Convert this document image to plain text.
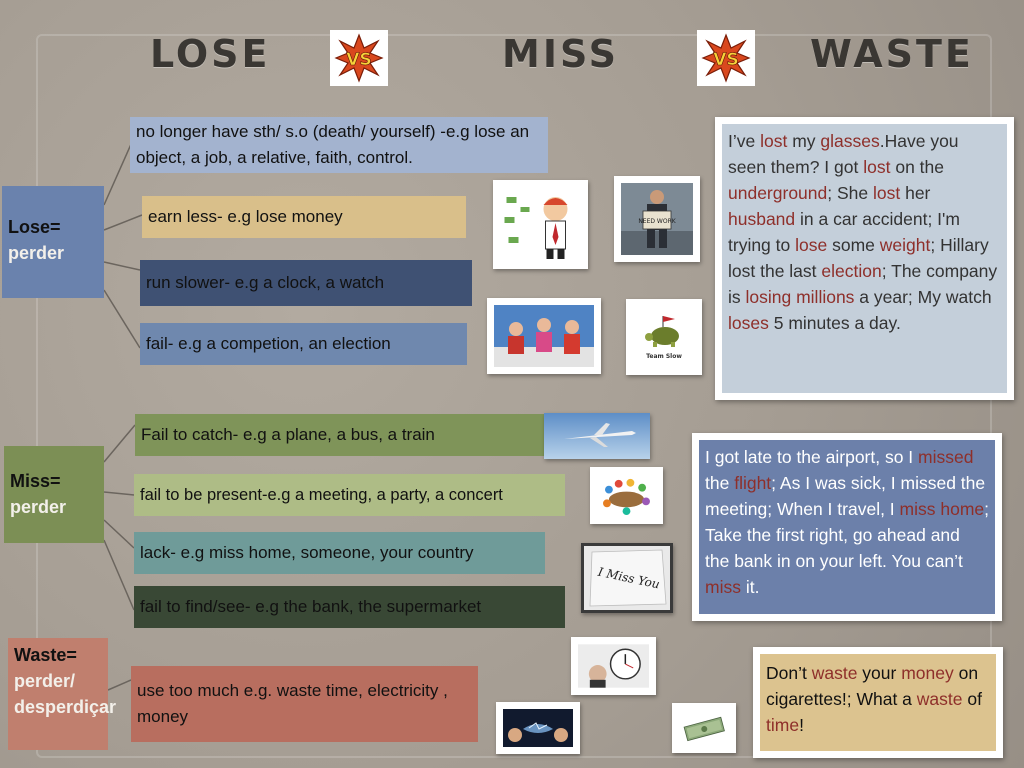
LOSE	VS	MISS	VS WASTE
Lose=
perder
no longer have sth/ s.o (death/ yourself) -e.g lose an object, a job, a relative, faith, control.
earn less- e.g lose money
run slower- e.g a clock, a watch
fail- e.g a competion, an election
NEED WORK
Team Slow
I’ve lost my glasses.Have you seen them? I got lost on the underground; She lost her husband in a car accident; I'm trying to lose some weight; Hillary lost the last election; The company is losing millions a year; My watch loses 5 minutes a day.
Miss=
perder
Fail to catch- e.g a plane, a bus, a train
fail to be present-e.g a meeting, a party, a concert
lack- e.g miss home, someone, your country
fail to find/see- e.g the bank, the supermarket
I Miss You
I got late to the airport, so I missed the flight; As I was sick, I missed the meeting; When I travel, I miss home; Take the first right, go ahead and the bank in on your left. You can’t miss it.
Waste=
perder/ desperdiçar
use too much e.g. waste time, electricity , money
Don’t waste your money on cigarettes!; What a waste of time!
